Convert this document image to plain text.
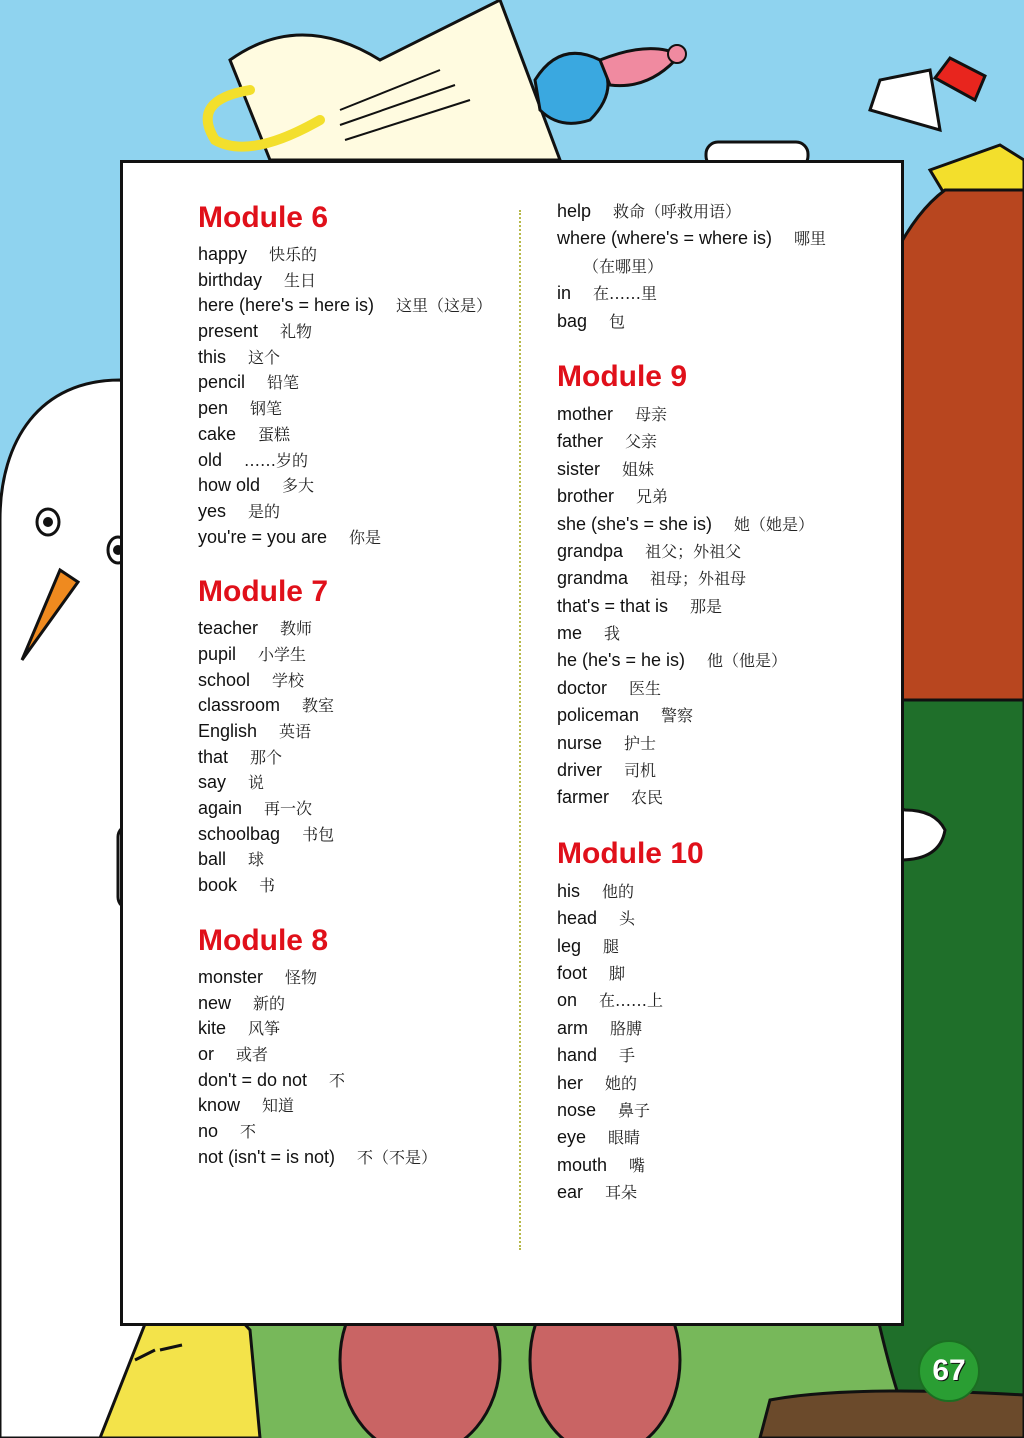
Module 6
happy 快乐的
birthday 生日
here (here's = here is) 这里（这是）
present 礼物
this 这个
pencil 铅笔
pen 钢笔
cake 蛋糕
old ……岁的
how old 多大
yes 是的
you're = you are 你是
Module 7
teacher 教师
pupil 小学生
school 学校
classroom 教室
English 英语
that 那个
say 说
again 再一次
schoolbag 书包
ball 球
book 书
Module 8
monster 怪物
new 新的
kite 风筝
or 或者
don't = do not 不
know 知道
no 不
not (isn't = is not) 不（不是）
help 救命（呼救用语）
where (where's = where is) 哪里
（在哪里）
in 在……里
bag 包
Module 9
mother 母亲
father 父亲
sister 姐妹
brother 兄弟
she (she's = she is) 她（她是）
grandpa 祖父；外祖父
grandma 祖母；外祖母
that's = that is 那是
me 我
he (he's = he is) 他（他是）
doctor 医生
policeman 警察
nurse 护士
driver 司机
farmer 农民
Module 10
his 他的
head 头
leg 腿
foot 脚
on 在……上
arm 胳膊
hand 手
her 她的
nose 鼻子
eye 眼睛
mouth 嘴
ear 耳朵
67
